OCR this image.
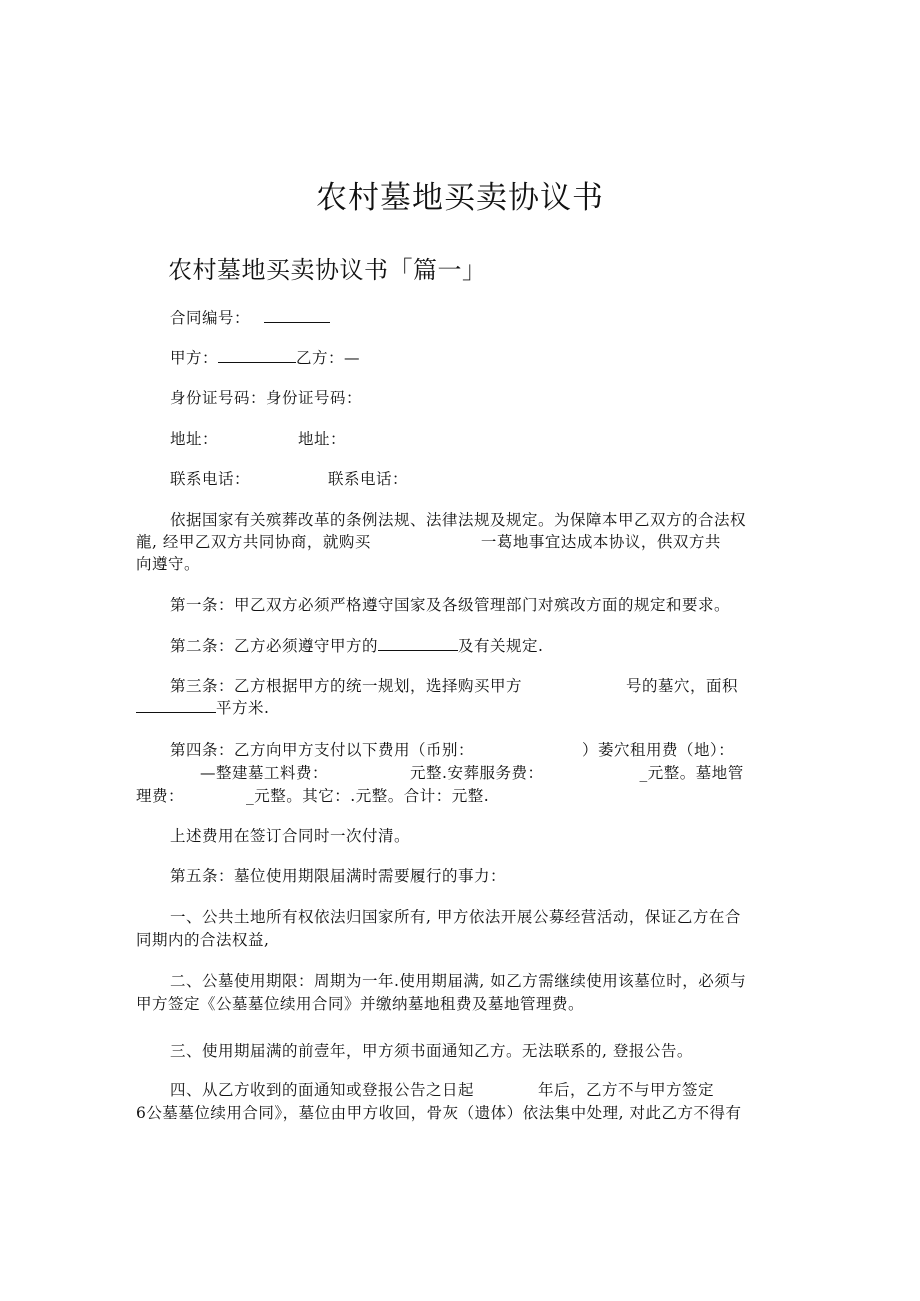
农村墓地买卖协议书
农村墓地买卖协议书「篇一」
合同编号：
甲方：	乙方：—
身份证号码：身份证号码：
地址：	地址：
联系电话：	联系电话：
依据国家有关殡葬改革的条例法规、法律法规及规定。为保障本甲乙双方的合法权
龍, 经甲乙双方共同协商，就购买	一葛地事宜达成本协议，供双方共
向遵守。
第一条：甲乙双方必须严格遵守国家及各级管理部门对殡改方面的规定和要求。
第二条：乙方必须遵守甲方的	及有关规定.
第三条：乙方根据甲方的统一规划，选择购买甲方	号的墓穴，面积
平方米.
第四条：乙方向甲方支付以下费用（币别：	）萎穴租用费（地）：
—整建墓工料费：	元整.安葬服务费：	_元整。墓地管
理费：	_元整。其它：.元整。合计：元整.
上述费用在签订合同时一次付清。
第五条：墓位使用期限届满时需要履行的事力：
一、公共土地所有权依法归国家所有, 甲方依法开展公募经营活动，保证乙方在合
同期内的合法权益,
二、公墓使用期限：周期为一年.使用期届满, 如乙方需继续使用该墓位时，必须与
甲方签定《公墓墓位续用合同》并缴纳墓地租费及墓地管理费。
三、使用期届满的前壹年，甲方须书面通知乙方。无法联系的, 登报公告。
四、从乙方收到的面通知或登报公告之日起	年后，乙方不与甲方签定
6公墓墓位续用合同》，墓位由甲方收回，骨灰（遗体）依法集中处理, 对此乙方不得有
